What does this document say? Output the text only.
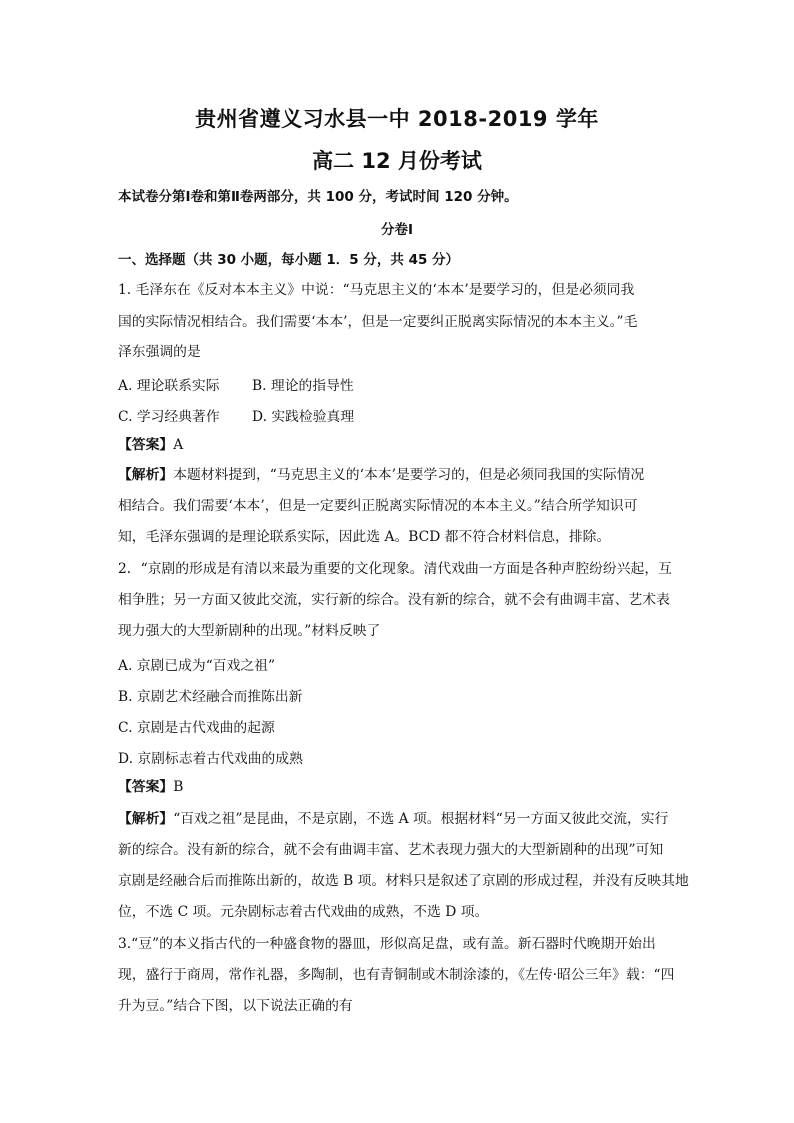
贵州省遵义习水县一中 2018-2019 学年
高二 12 月份考试
本试卷分第Ⅰ卷和第Ⅱ卷两部分，共 100 分，考试时间 120 分钟。
分卷Ⅰ
一、选择题（共 30 小题，每小题 1．5 分，共 45 分）
1. 毛泽东在《反对本本主义》中说：“马克思主义的‘本本’是要学习的，但是必须同我
国的实际情况相结合。我们需要‘本本’，但是一定要纠正脱离实际情况的本本主义。”毛
泽东强调的是
A. 理论联系实际 B. 理论的指导性
C. 学习经典著作 D. 实践检验真理
【答案】A
【解析】本题材料提到，“马克思主义的‘本本’是要学习的，但是必须同我国的实际情况
相结合。我们需要‘本本’，但是一定要纠正脱离实际情况的本本主义。”结合所学知识可
知，毛泽东强调的是理论联系实际，因此选 A。BCD 都不符合材料信息，排除。
2．“京剧的形成是有清以来最为重要的文化现象。清代戏曲一方面是各种声腔纷纷兴起，互
相争胜；另一方面又彼此交流，实行新的综合。没有新的综合，就不会有曲调丰富、艺术表
现力强大的大型新剧种的出现。”材料反映了
A. 京剧已成为“百戏之祖”
B. 京剧艺术经融合而推陈出新
C. 京剧是古代戏曲的起源
D. 京剧标志着古代戏曲的成熟
【答案】B
【解析】“百戏之祖”是昆曲，不是京剧，不选 A 项。根据材料“另一方面又彼此交流，实行
新的综合。没有新的综合，就不会有曲调丰富、艺术表现力强大的大型新剧种的出现”可知
京剧是经融合后而推陈出新的，故选 B 项。材料只是叙述了京剧的形成过程，并没有反映其地
位，不选 C 项。元杂剧标志着古代戏曲的成熟，不选 D 项。
3.“豆”的本义指古代的一种盛食物的器皿，形似高足盘，或有盖。新石器时代晚期开始出
现，盛行于商周，常作礼器，多陶制，也有青铜制或木制涂漆的，《左传·昭公三年》载：“四
升为豆。”结合下图，以下说法正确的有
